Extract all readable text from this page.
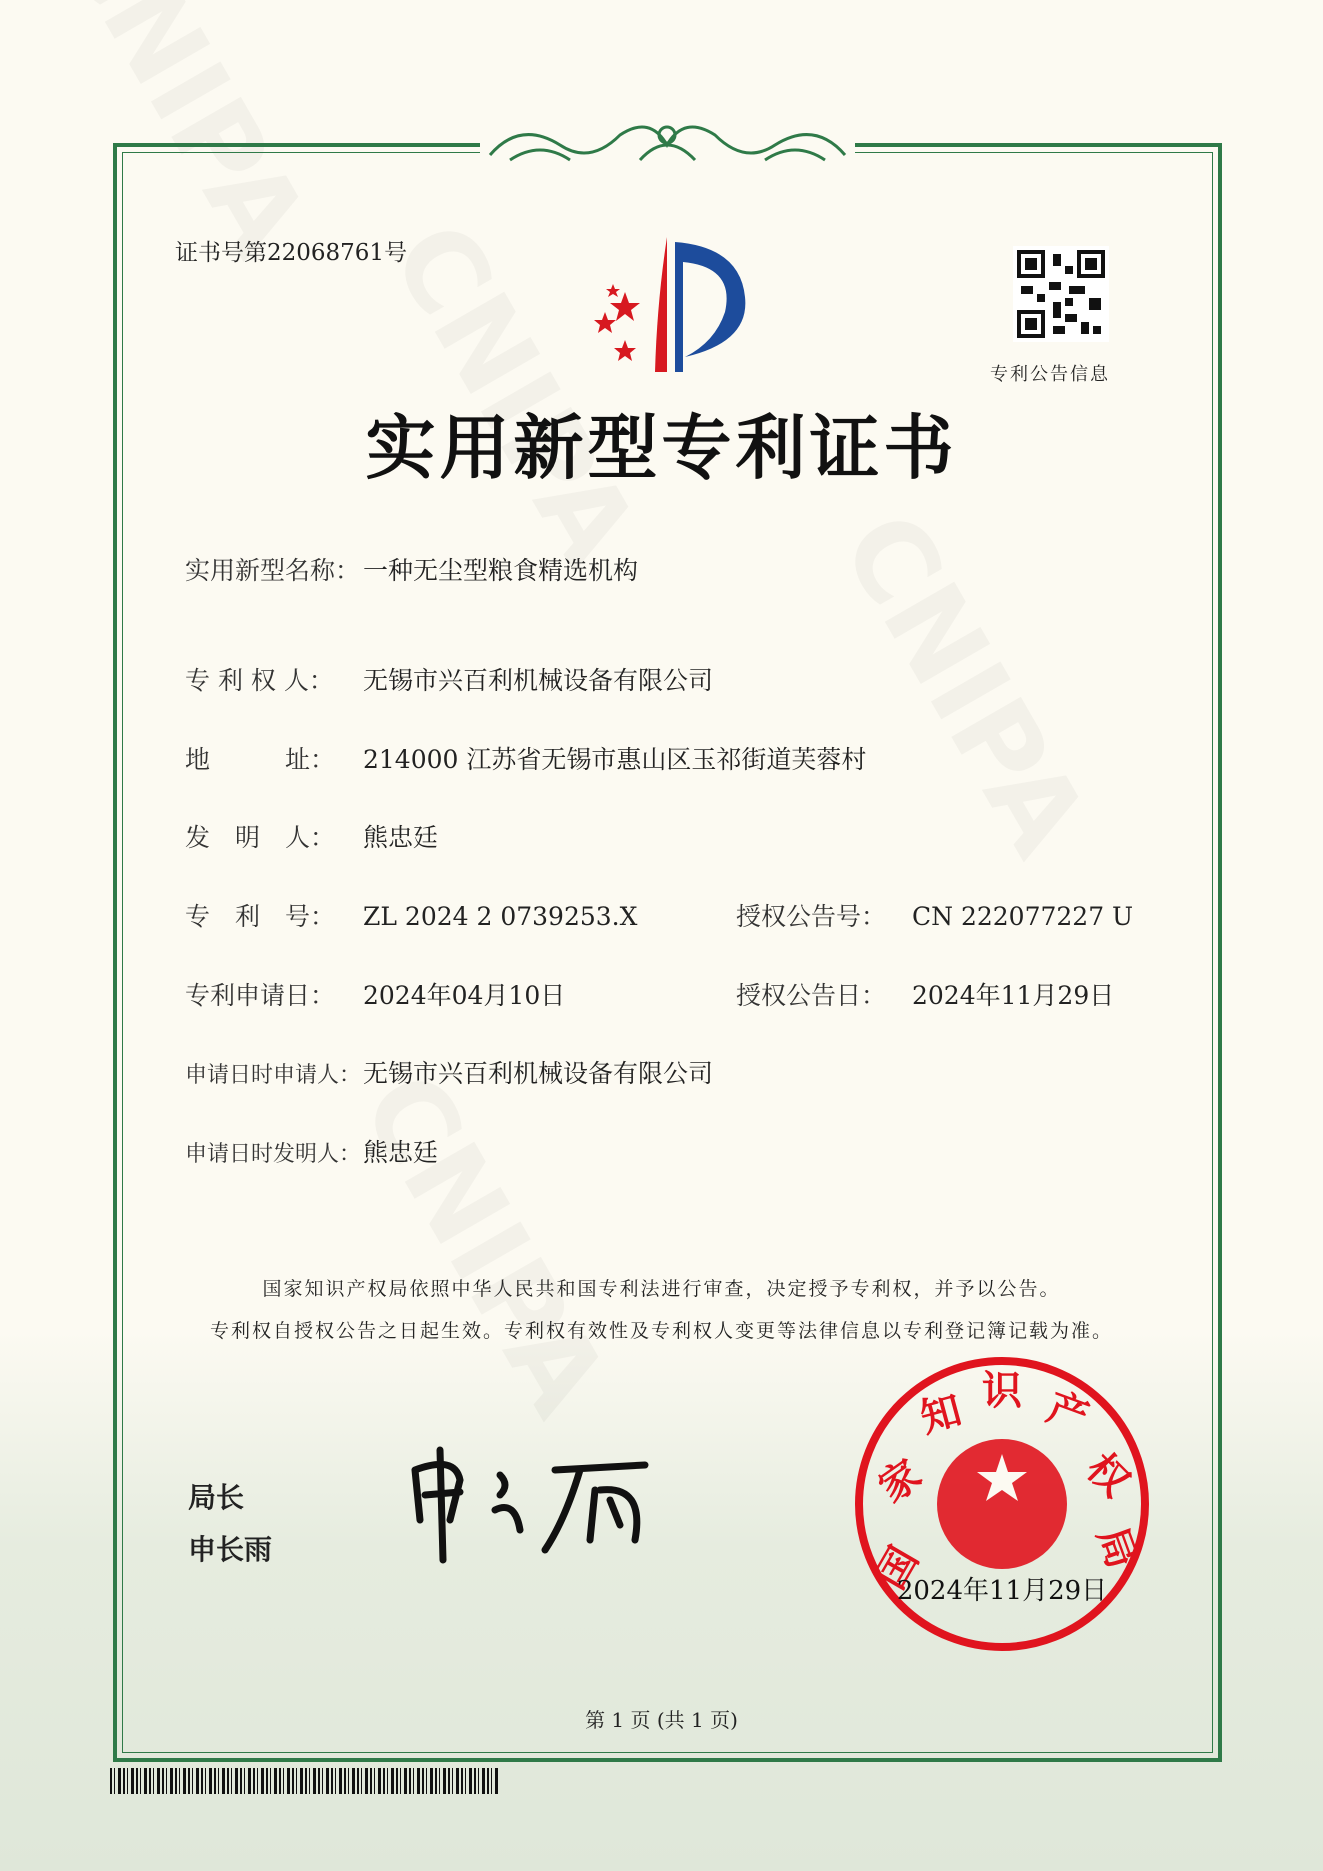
证书号第22068761号
专利公告信息
实用新型专利证书
实用新型名称： 一种无尘型粮食精选机构
专 利 权 人： 无锡市兴百利机械设备有限公司
地　　　址： 214000 江苏省无锡市惠山区玉祁街道芙蓉村
发　明　人： 熊忠廷
专　利　号： ZL 2024 2 0739253.X
专利申请日： 2024年04月10日
申请日时申请人：无锡市兴百利机械设备有限公司
申请日时发明人：熊忠廷
授权公告号： CN 222077227 U
授权公告日： 2024年11月29日
国家知识产权局依照中华人民共和国专利法进行审查，决定授予专利权，并予以公告。
专利权自授权公告之日起生效。专利权有效性及专利权人变更等法律信息以专利登记簿记载为准。
局长
申长雨	国
家
知 识 产
权
局
2024年11月29日
第 1 页 (共 1 页)
